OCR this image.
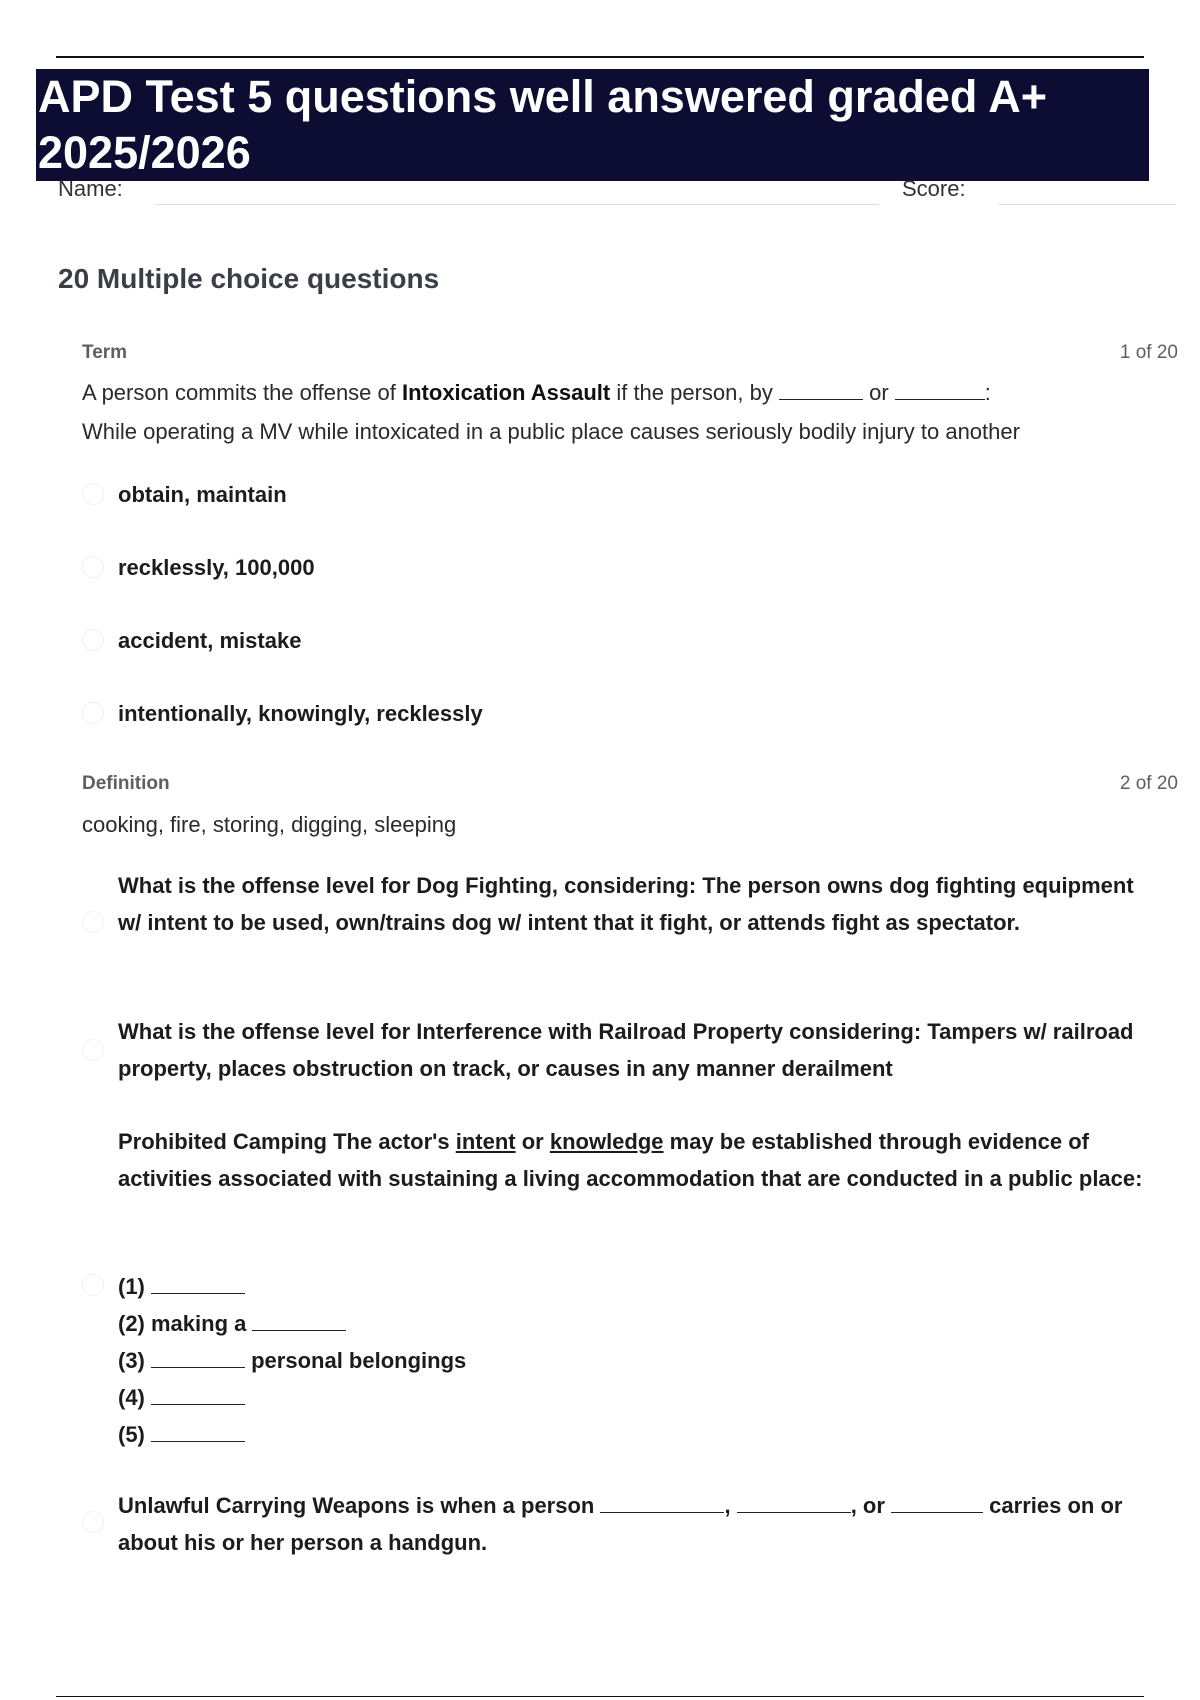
APD Test 5 questions well answered graded A+
2025/2026
Name:	Score:
20 Multiple choice questions
Term	1 of 20
A person commits the offense of Intoxication Assault if the person, by	or	:
While operating a MV while intoxicated in a public place causes seriously bodily injury to another
obtain, maintain
recklessly, 100,000
accident, mistake
intentionally, knowingly, recklessly
Definition	2 of 20
cooking, fire, storing, digging, sleeping
What is the offense level for Dog Fighting, considering: The person owns dog fighting equipment w/ intent to be used, own/trains dog w/ intent that it fight, or attends fight as spectator.
What is the offense level for Interference with Railroad Property considering: Tampers w/ railroad property, places obstruction on track, or causes in any manner derailment
Prohibited Camping The actor's intent or knowledge may be established through evidence of activities associated with sustaining a living accommodation that are conducted in a public place:
(1)
(2) making a
(3)	personal belongings
(4)
(5)
Unlawful Carrying Weapons is when a person	,	, or	carries on or about his or her person a handgun.
